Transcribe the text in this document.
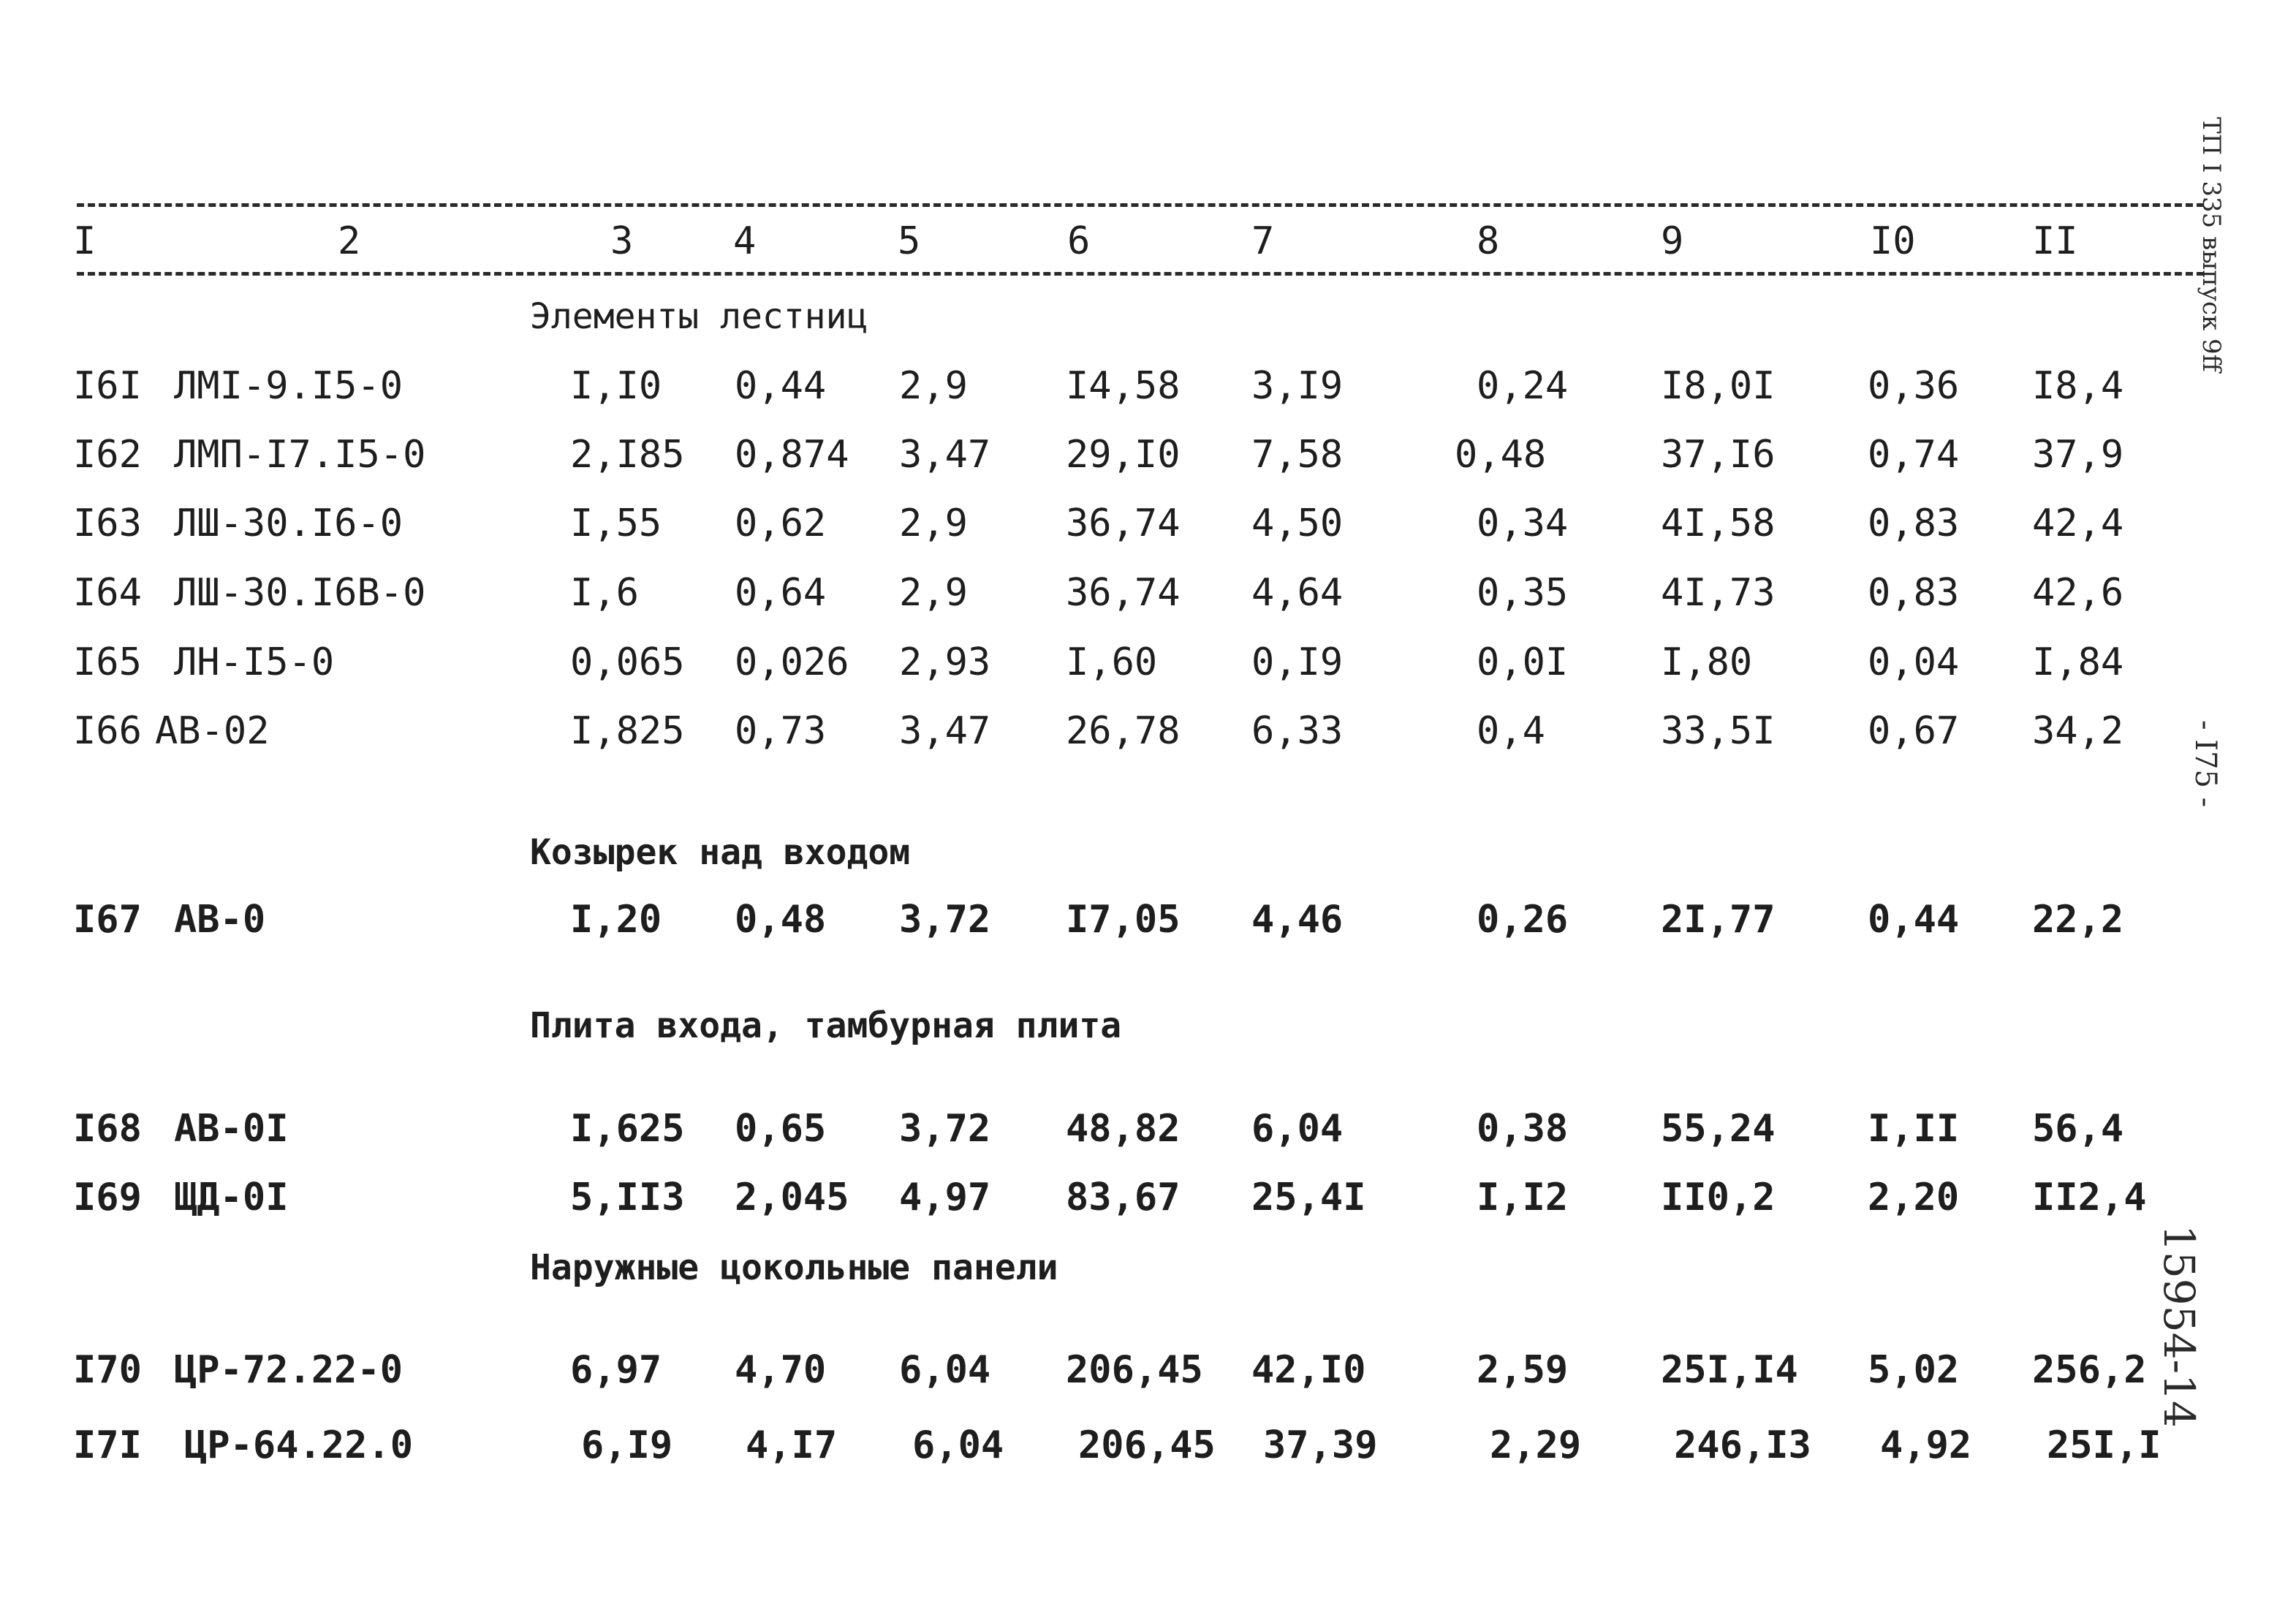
I	2	3	4	5	6	7	8	9	I0	II
Элементы лестниц
I6I ЛМI-9.I5-0	I,I0 0,44 2,9	I4,58 3,I9	0,24 I8,0I 0,36 I8,4
I62 ЛМП-I7.I5-0	2,I85 0,874 3,47 29,I0 7,58	0,48	37,I6 0,74 37,9
I63 ЛШ-30.I6-0	I,55 0,62 2,9	36,74 4,50	0,34 4I,58 0,83 42,4
I64 ЛШ-30.I6В-0	I,6	0,64 2,9	36,74 4,64	0,35 4I,73 0,83 42,6
I65 ЛН-I5-0	0,065 0,026 2,93 I,60 0,I9	0,0I I,80	0,04 I,84
I66 АВ-02	I,825 0,73 3,47 26,78 6,33	0,4	33,5I 0,67 34,2
Козырек над входом
I67 АВ-0	I,20 0,48 3,72 I7,05 4,46	0,26 2I,77 0,44 22,2
Плита входа, тамбурная плита
I68 АВ-0I	I,625 0,65 3,72 48,82 6,04	0,38 55,24 I,II 56,4
I69 ЩД-0I	5,II3 2,045 4,97 83,67 25,4I	I,I2 II0,2 2,20 II2,4
Наружные цокольные панели
I70 ЦР-72.22-0	6,97 4,70 6,04 206,45 42,I0	2,59 25I,I4 5,02 256,2
I7I ЦР-64.22.0	6,I9 4,I7 6,04 206,45 37,39	2,29 246,I3 4,92 25I,I
ТП I 335 выпуск 9ff
- I75 -
15954-14
